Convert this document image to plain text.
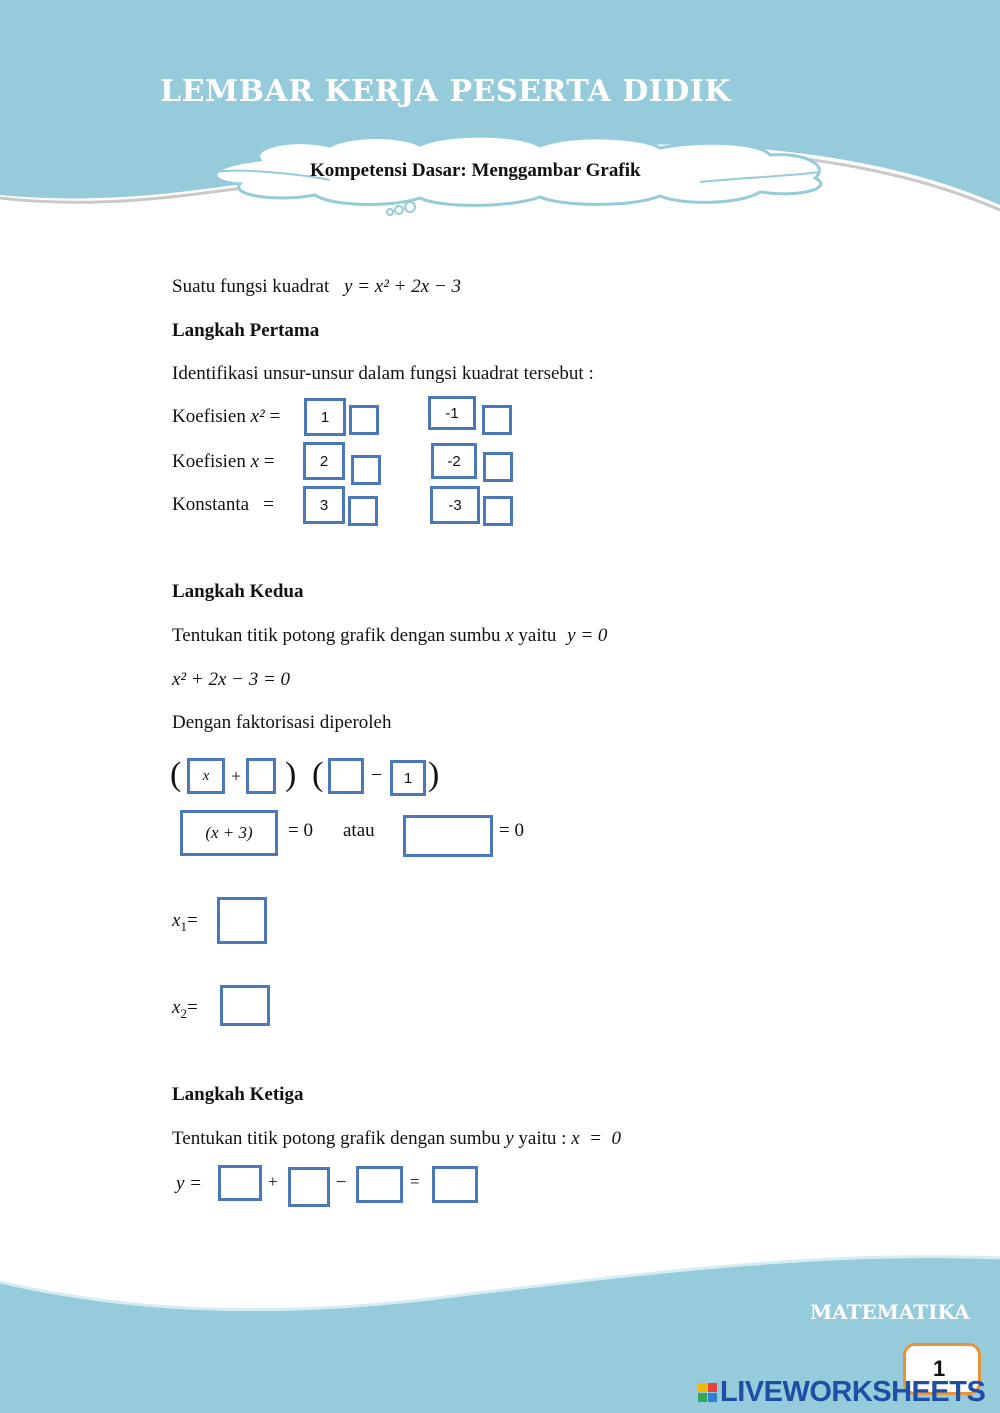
LEMBAR KERJA PESERTA DIDIK
Kompetensi Dasar: Menggambar Grafik
Suatu fungsi kuadrat y = x² + 2x − 3
Langkah Pertama
Identifikasi unsur-unsur dalam fungsi kuadrat tersebut :
Koefisien x² =	1	-1
Koefisien x =	2	-2
Konstanta   =	3	-3
Langkah Kedua
Tentukan titik potong grafik dengan sumbu x yaitu y = 0
x² + 2x − 3 = 0
Dengan faktorisasi diperoleh
(	x	+ ) ( −	1 )
(x + 3)	= 0 atau	= 0
$x_1=$
$x_2=$
Langkah Ketiga
Tentukan titik potong grafik dengan sumbu y yaitu : x  =  0
y =	+	−	=
MATEMATIKA
1
LIVEWORKSHEETS
